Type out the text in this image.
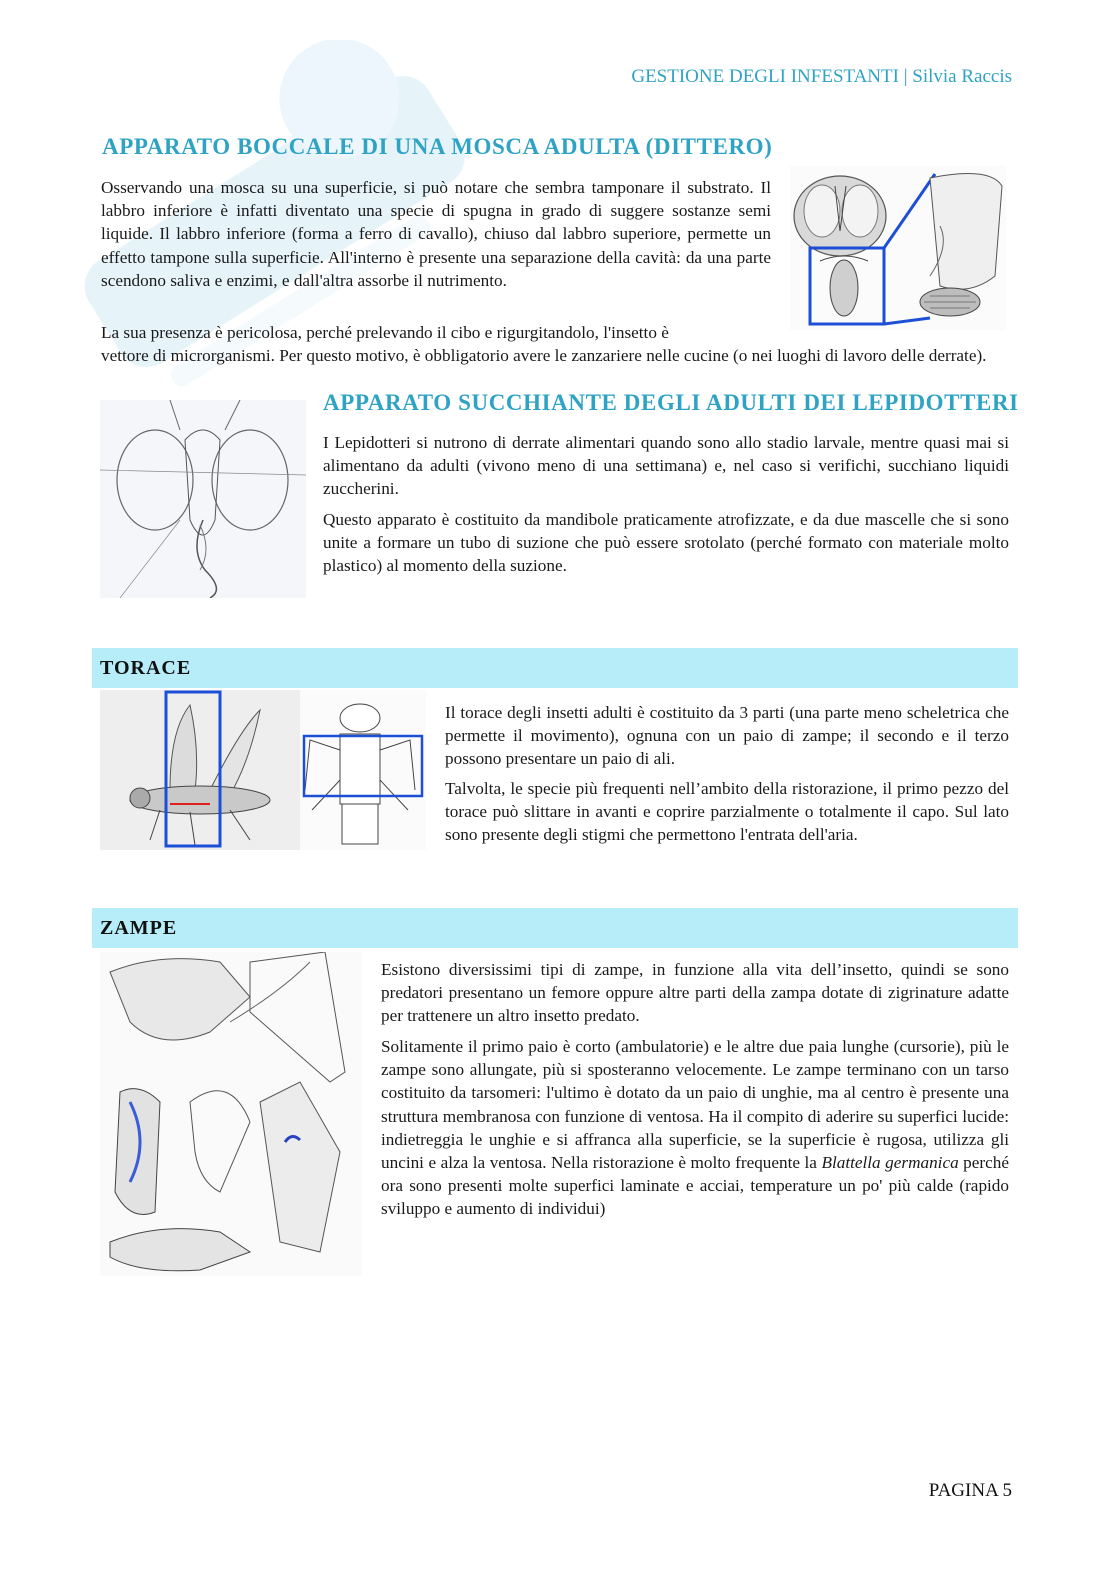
GESTIONE DEGLI INFESTANTI | Silvia Raccis
APPARATO BOCCALE DI UNA MOSCA ADULTA (DITTERO)

Osservando una mosca su una superficie, si può notare che sembra tamponare il substrato. Il labbro inferiore è infatti diventato una specie di spugna in grado di suggere sostanze semi liquide. Il labbro inferiore (forma a ferro di cavallo), chiuso dal labbro superiore, permette un effetto tampone sulla superficie. All'interno è presente una separazione della cavità: da una parte scendono saliva e enzimi, e dall'altra assorbe il nutrimento.

La sua presenza è pericolosa, perché prelevando il cibo e rigurgitandolo, l'insetto è
vettore di microrganismi. Per questo motivo, è obbligatorio avere le zanzariere nelle cucine (o nei luoghi di lavoro delle derrate).

APPARATO SUCCHIANTE DEGLI ADULTI DEI LEPIDOTTERI

I Lepidotteri si nutrono di derrate alimentari quando sono allo stadio larvale, mentre quasi mai si alimentano da adulti (vivono meno di una settimana) e, nel caso si verifichi, succhiano liquidi zuccherini.

Questo apparato è costituito da mandibole praticamente atrofizzate, e da due mascelle che si sono unite a formare un tubo di suzione che può essere srotolato (perché formato con materiale molto plastico) al momento della suzione.

TORACE

Il torace degli insetti adulti è costituito da 3 parti (una parte meno scheletrica che permette il movimento), ognuna con un paio di zampe; il secondo e il terzo possono presentare un paio di ali.

Talvolta, le specie più frequenti nell’ambito della ristorazione, il primo pezzo del torace può slittare in avanti e coprire parzialmente o totalmente il capo. Sul lato sono presente degli stigmi che permettono l'entrata dell'aria.

ZAMPE

Esistono diversissimi tipi di zampe, in funzione alla vita dell’insetto, quindi se sono predatori presentano un femore oppure altre parti della zampa dotate di zigrinature adatte per trattenere un altro insetto predato.

Solitamente il primo paio è corto (ambulatorie) e le altre due paia lunghe (cursorie), più le zampe sono allungate, più si sposteranno velocemente. Le zampe terminano con un tarso costituito da tarsomeri: l'ultimo è dotato da un paio di unghie, ma al centro è presente una struttura membranosa con funzione di ventosa. Ha il compito di aderire su superfici lucide: indietreggia le unghie e si affranca alla superficie, se la superficie è rugosa, utilizza gli uncini e alza la ventosa. Nella ristorazione è molto frequente la Blattella germanica perché ora sono presenti molte superfici laminate e acciai, temperature un po' più calde (rapido sviluppo e aumento di individui)

PAGINA 5
